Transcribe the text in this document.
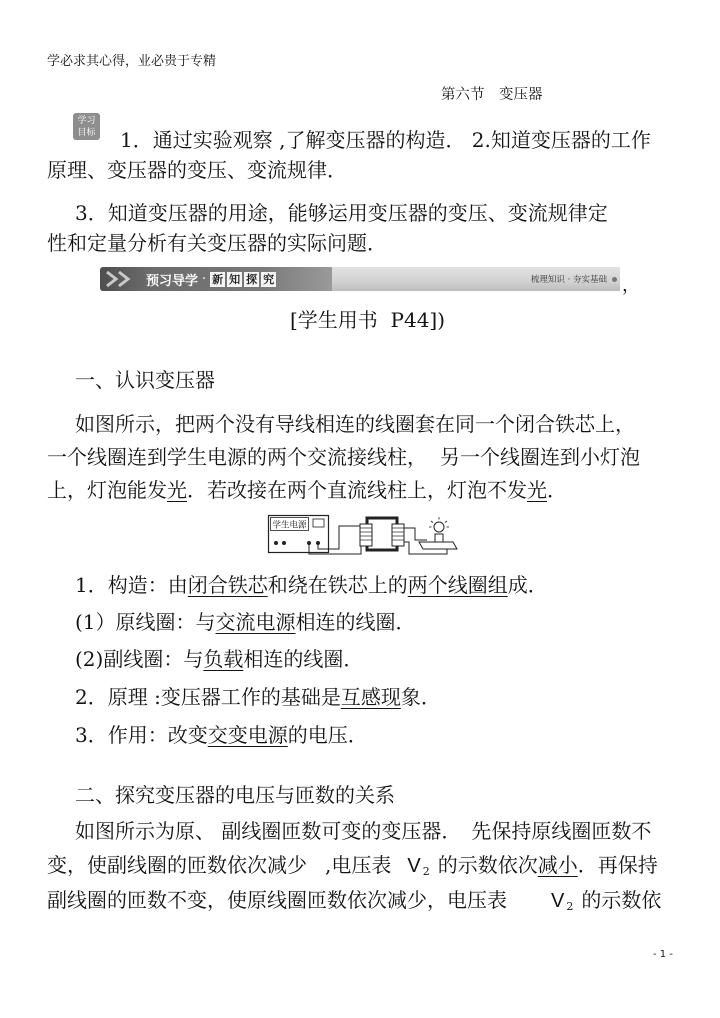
学必求其心得，业必贵于专精
第六节　变压器
学习
目标 1．通过实验观察 ,了解变压器的构造． 2.知道变压器的工作
原理、变压器的变压、变流规律．
3．知道变压器的用途，能够运用变压器的变压、变流规律定
性和定量分析有关变压器的实际问题．
预习导学 · 新 知 探 究	梳理知识 · 夯实基础 ，
[学生用书  P44])
一、认识变压器
如图所示，把两个没有导线相连的线圈套在同一个闭合铁芯上，
一个线圈连到学生电源的两个交流接线柱， 另一个线圈连到小灯泡
上，灯泡能发 光 ．若改接在两个直流线柱上，灯泡不发 光 ．
学生电源
1．构造：由 闭合铁芯 和绕在铁芯上的 两个线圈组 成．
(1）原线圈：与 交流电源 相连的线圈．
(2)副线圈：与 负载 相连的线圈．
2．原理 :变压器工作的基础是 互感现 象．
3．作用：改变 交变电源 的电压．
二、探究变压器的电压与匝数的关系
如图所示为原、 副线圈匝数可变的变压器．　先保持原线圈匝数不
变，使副线圈的匝数依次减少 ,电压表 V 2 的示数依次 减小 ．再保持
副线圈的匝数不变，使原线圈匝数依次减少，电压表 V 2 的示数依
- 1 -
